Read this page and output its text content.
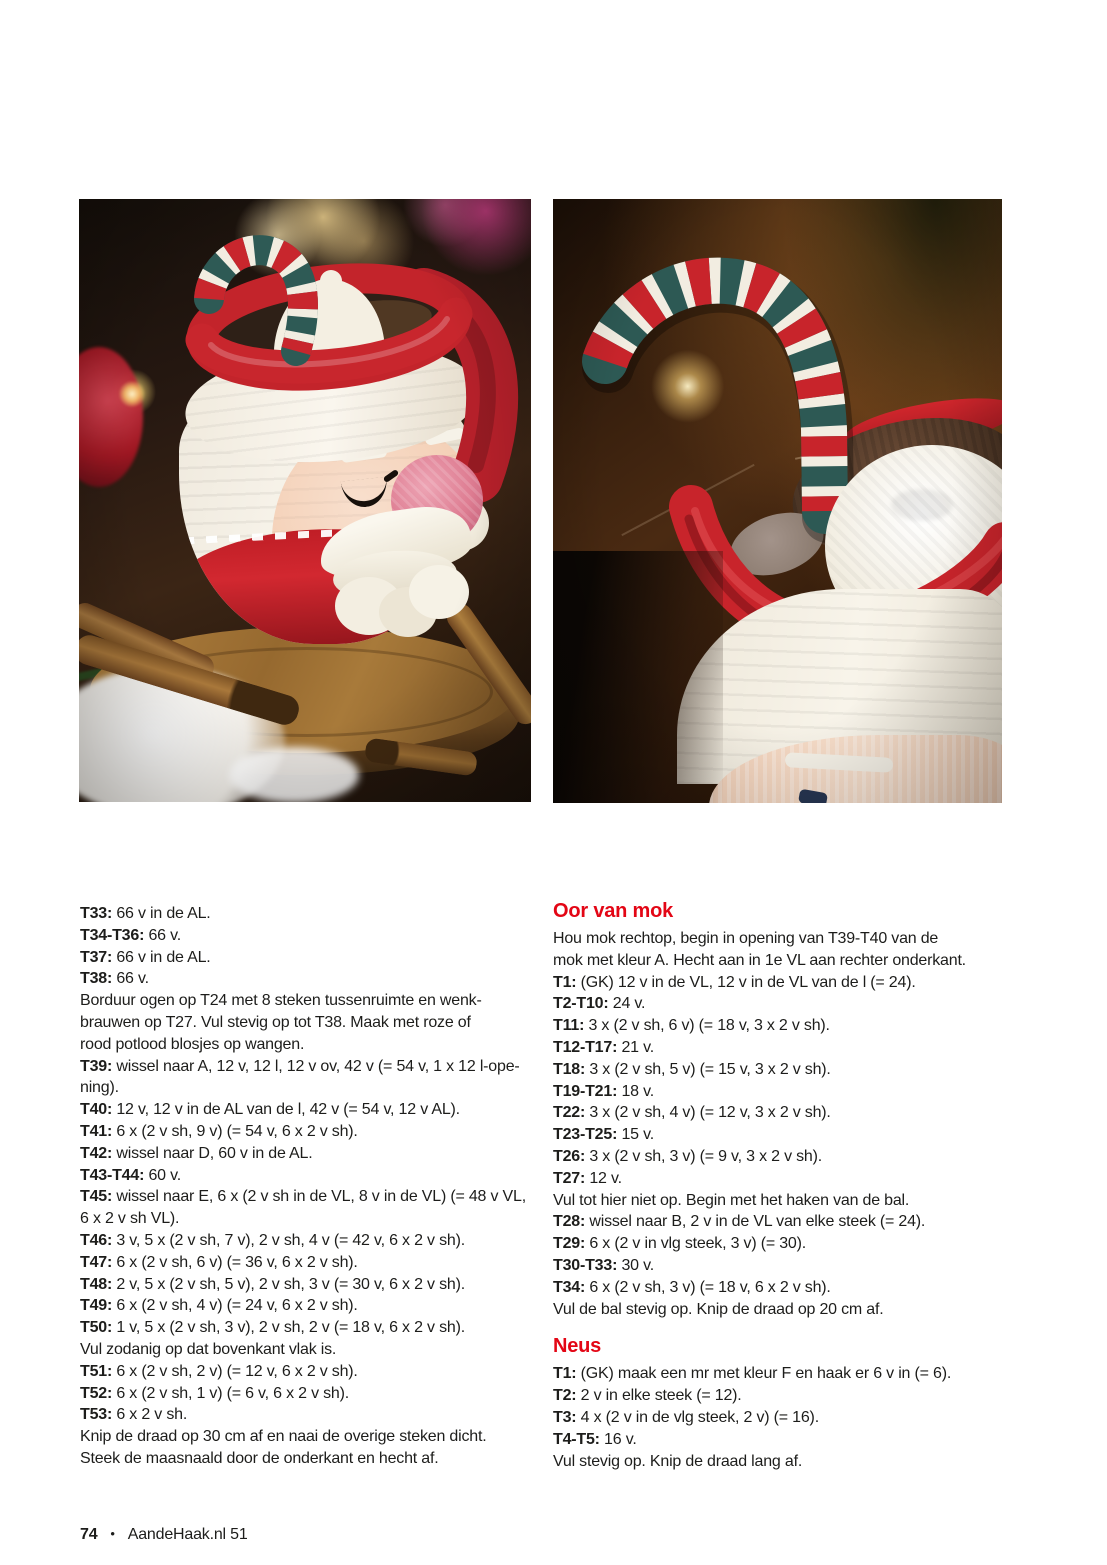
T33: 66 v in de AL.
T34-T36: 66 v.
T37: 66 v in de AL.
T38: 66 v.
Borduur ogen op T24 met 8 steken tussenruimte en wenk-
brauwen op T27. Vul stevig op tot T38. Maak met roze of
rood potlood blosjes op wangen.
T39: wissel naar A, 12 v, 12 l, 12 v ov, 42 v (= 54 v, 1 x 12 l-ope-
ning).
T40: 12 v, 12 v in de AL van de l, 42 v (= 54 v, 12 v AL).
T41: 6 x (2 v sh, 9 v) (= 54 v, 6 x 2 v sh).
T42: wissel naar D, 60 v in de AL.
T43-T44: 60 v.
T45: wissel naar E, 6 x (2 v sh in de VL, 8 v in de VL) (= 48 v VL,
6 x 2 v sh VL).
T46: 3 v, 5 x (2 v sh, 7 v), 2 v sh, 4 v (= 42 v, 6 x 2 v sh).
T47: 6 x (2 v sh, 6 v) (= 36 v, 6 x 2 v sh).
T48: 2 v, 5 x (2 v sh, 5 v), 2 v sh, 3 v (= 30 v, 6 x 2 v sh).
T49: 6 x (2 v sh, 4 v) (= 24 v, 6 x 2 v sh).
T50: 1 v, 5 x (2 v sh, 3 v), 2 v sh, 2 v (= 18 v, 6 x 2 v sh).
Vul zodanig op dat bovenkant vlak is.
T51: 6 x (2 v sh, 2 v) (= 12 v, 6 x 2 v sh).
T52: 6 x (2 v sh, 1 v) (= 6 v, 6 x 2 v sh).
T53: 6 x 2 v sh.
Knip de draad op 30 cm af en naai de overige steken dicht.
Steek de maasnaald door de onderkant en hecht af.
Oor van mok
Hou mok rechtop, begin in opening van T39-T40 van de
mok met kleur A. Hecht aan in 1e VL aan rechter onderkant.
T1: (GK) 12 v in de VL, 12 v in de VL van de l (= 24).
T2-T10: 24 v.
T11: 3 x (2 v sh, 6 v) (= 18 v, 3 x 2 v sh).
T12-T17: 21 v.
T18: 3 x (2 v sh, 5 v) (= 15 v, 3 x 2 v sh).
T19-T21: 18 v.
T22: 3 x (2 v sh, 4 v) (= 12 v, 3 x 2 v sh).
T23-T25: 15 v.
T26: 3 x (2 v sh, 3 v) (= 9 v, 3 x 2 v sh).
T27: 12 v.
Vul tot hier niet op. Begin met het haken van de bal.
T28: wissel naar B, 2 v in de VL van elke steek (= 24).
T29: 6 x (2 v in vlg steek, 3 v) (= 30).
T30-T33: 30 v.
T34: 6 x (2 v sh, 3 v) (= 18 v, 6 x 2 v sh).
Vul de bal stevig op. Knip de draad op 20 cm af.
Neus
T1: (GK) maak een mr met kleur F en haak er 6 v in (= 6).
T2: 2 v in elke steek (= 12).
T3: 4 x (2 v in de vlg steek, 2 v) (= 16).
T4-T5: 16 v.
Vul stevig op. Knip de draad lang af.
74 • AandeHaak.nl 51
